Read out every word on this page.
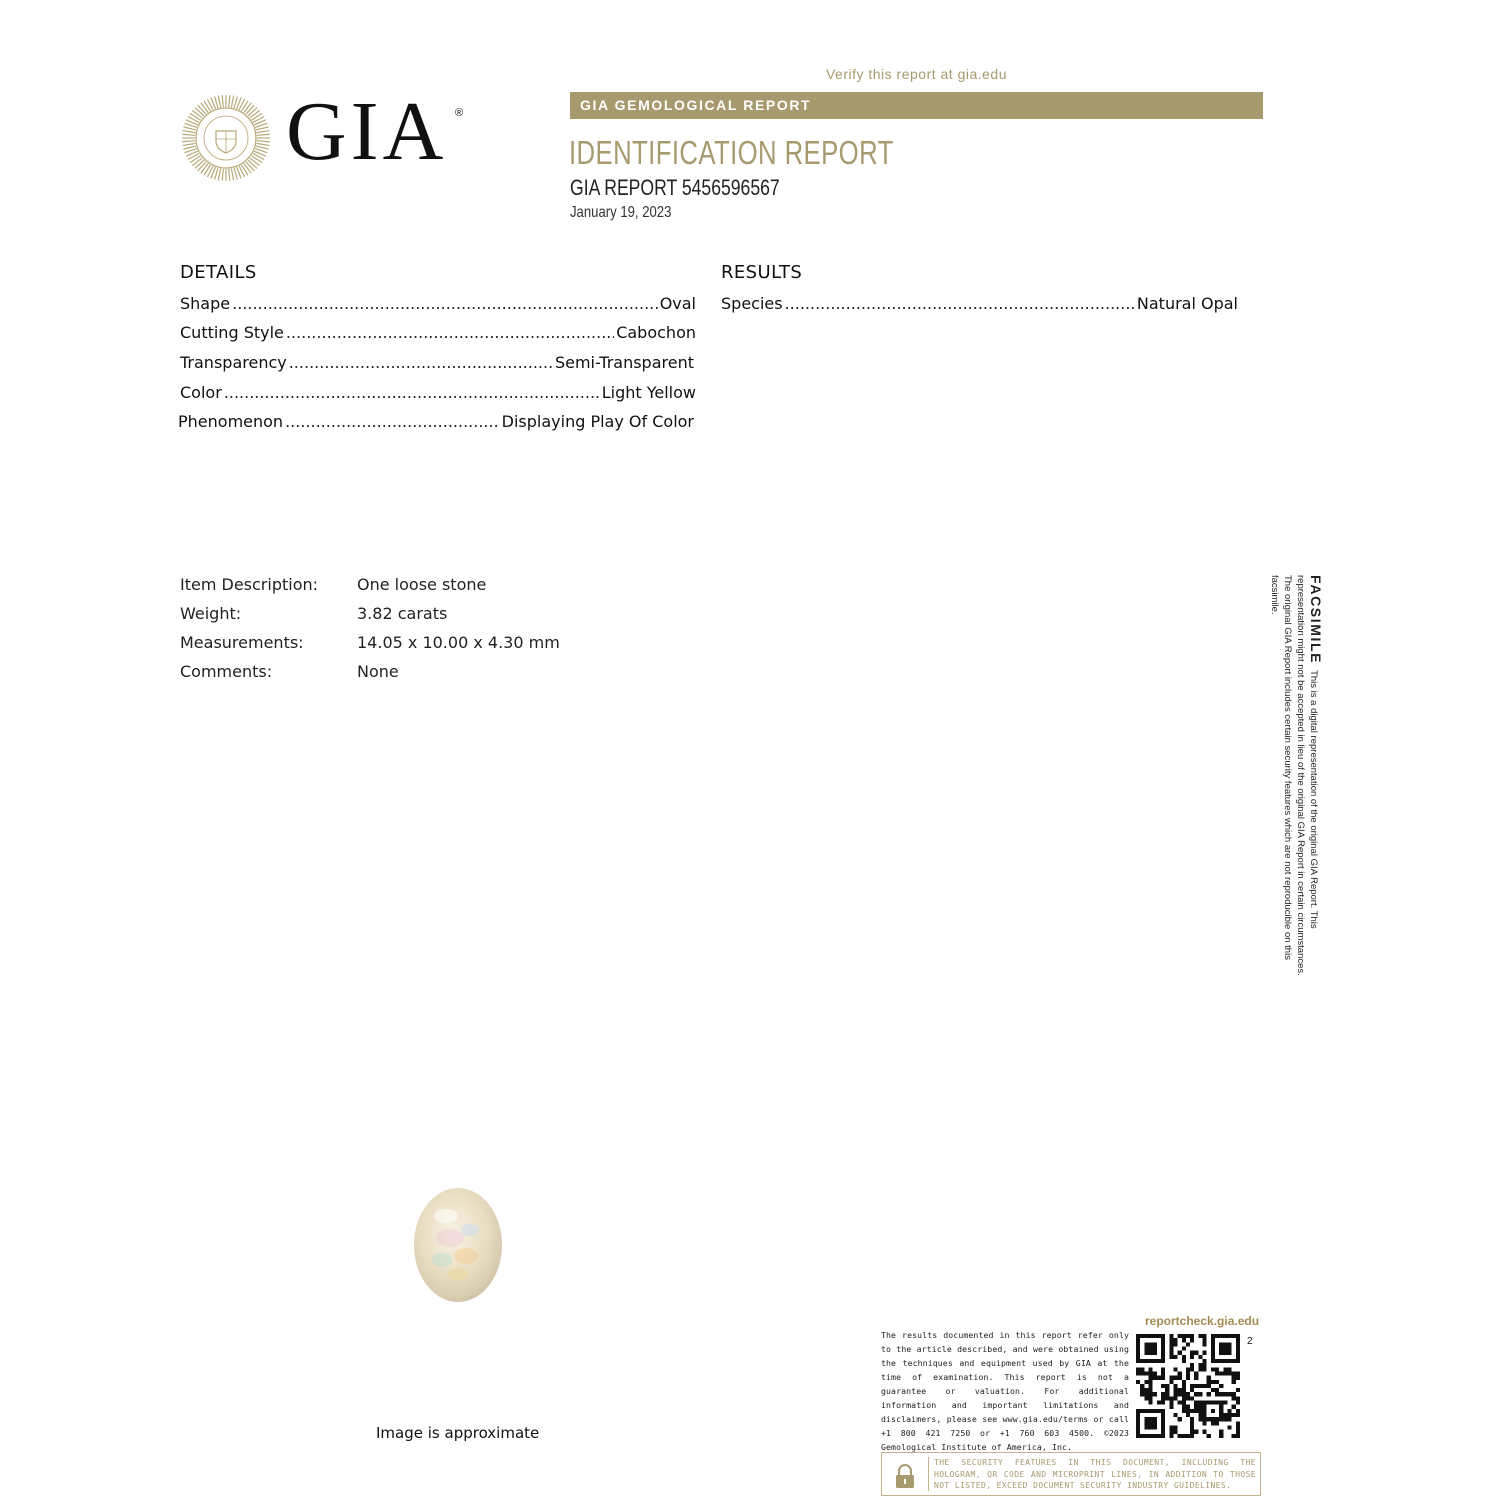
GIA ®
Verify this report at gia.edu
GIA GEMOLOGICAL REPORT
IDENTIFICATION REPORT
GIA REPORT 5456596567
January 19, 2023
DETAILS
Shape .....	Oval
Cutting Style .....	Cabochon
Transparency .....	Semi-Transparent
Color .....	Light Yellow
Phenomenon .....	Displaying Play Of Color
RESULTS
Species .....	Natural Opal
Item Description: One loose stone
Weight:	3.82 carats
Measurements:	14.05 x 10.00 x 4.30 mm
Comments:	None
Image is approximate
FACSIMILEThis is a digital representation of the original GIA Report. This representation might not be accepted in lieu of the original GIA Report in certain circumstances. The original GIA Report includes certain security features which are not reproducible on this facsimile.
The results documented in this report refer only to the article described, and were obtained using the techniques and equipment used by GIA at the time of examination. This report is not a guarantee or valuation. For additional information and important limitations and disclaimers, please see www.gia.edu/terms or call +1 800 421 7250 or +1 760 603 4500. ©2023 Gemological Institute of America, Inc.
reportcheck.gia.edu
2
THE SECURITY FEATURES IN THIS DOCUMENT, INCLUDING THE HOLOGRAM, QR CODE AND MICROPRINT LINES, IN ADDITION TO THOSE NOT LISTED, EXCEED DOCUMENT SECURITY INDUSTRY GUIDELINES.
